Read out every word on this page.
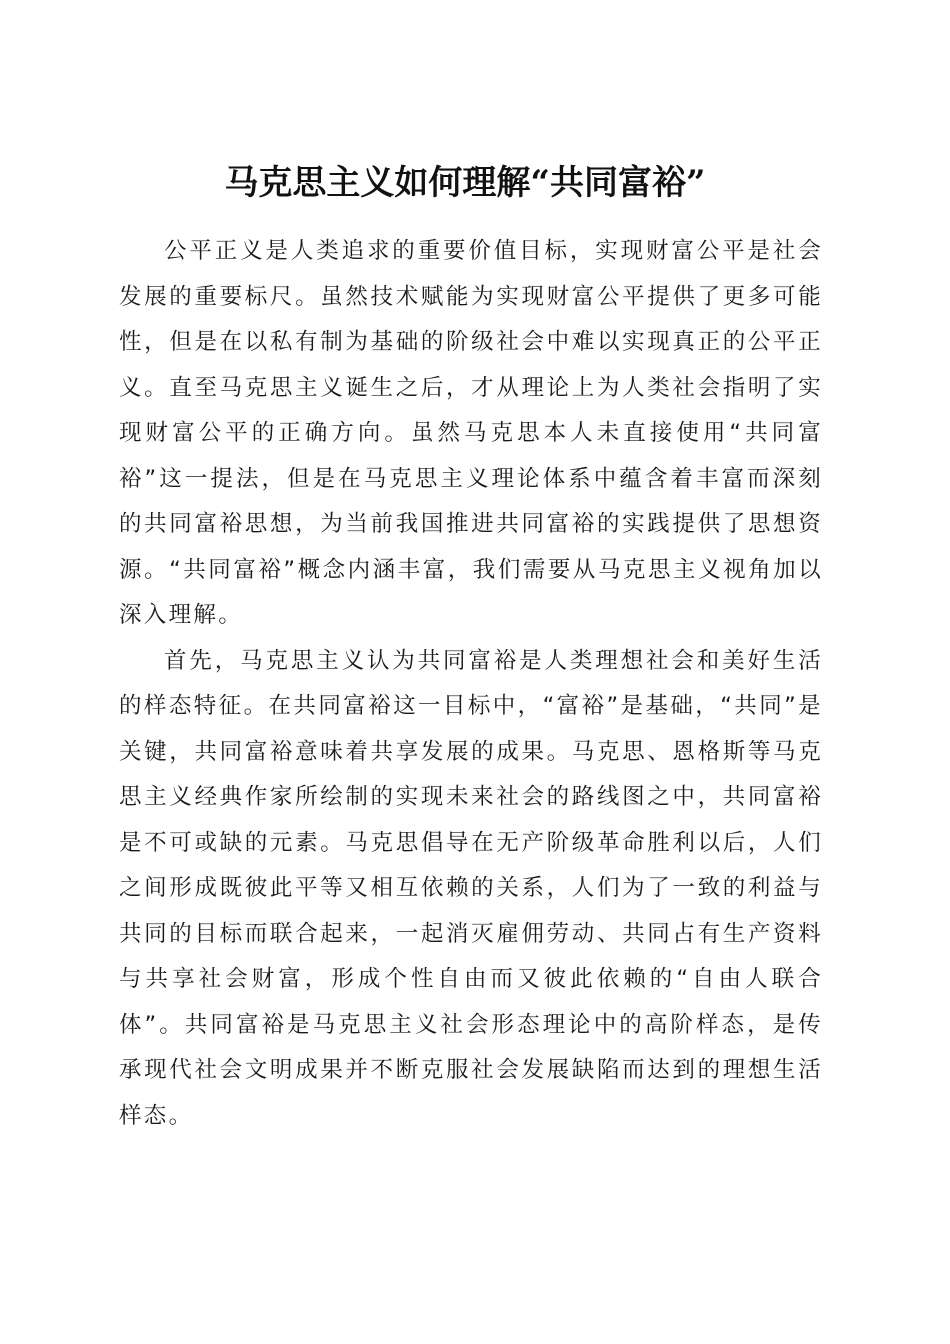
马克思主义如何理解“共同富裕”

公平正义是人类追求的重要价值目标，实现财富公平是社会发展的重要标尺。虽然技术赋能为实现财富公平提供了更多可能性，但是在以私有制为基础的阶级社会中难以实现真正的公平正义。直至马克思主义诞生之后，才从理论上为人类社会指明了实现财富公平的正确方向。虽然马克思本人未直接使用“共同富裕”这一提法，但是在马克思主义理论体系中蕴含着丰富而深刻的共同富裕思想，为当前我国推进共同富裕的实践提供了思想资源。“共同富裕”概念内涵丰富，我们需要从马克思主义视角加以深入理解。

首先，马克思主义认为共同富裕是人类理想社会和美好生活的样态特征。在共同富裕这一目标中，“富裕”是基础，“共同”是关键，共同富裕意味着共享发展的成果。马克思、恩格斯等马克思主义经典作家所绘制的实现未来社会的路线图之中，共同富裕是不可或缺的元素。马克思倡导在无产阶级革命胜利以后，人们之间形成既彼此平等又相互依赖的关系，人们为了一致的利益与共同的目标而联合起来，一起消灭雇佣劳动、共同占有生产资料与共享社会财富，形成个性自由而又彼此依赖的“自由人联合体”。共同富裕是马克思主义社会形态理论中的高阶样态，是传承现代社会文明成果并不断克服社会发展缺陷而达到的理想生活样态。
